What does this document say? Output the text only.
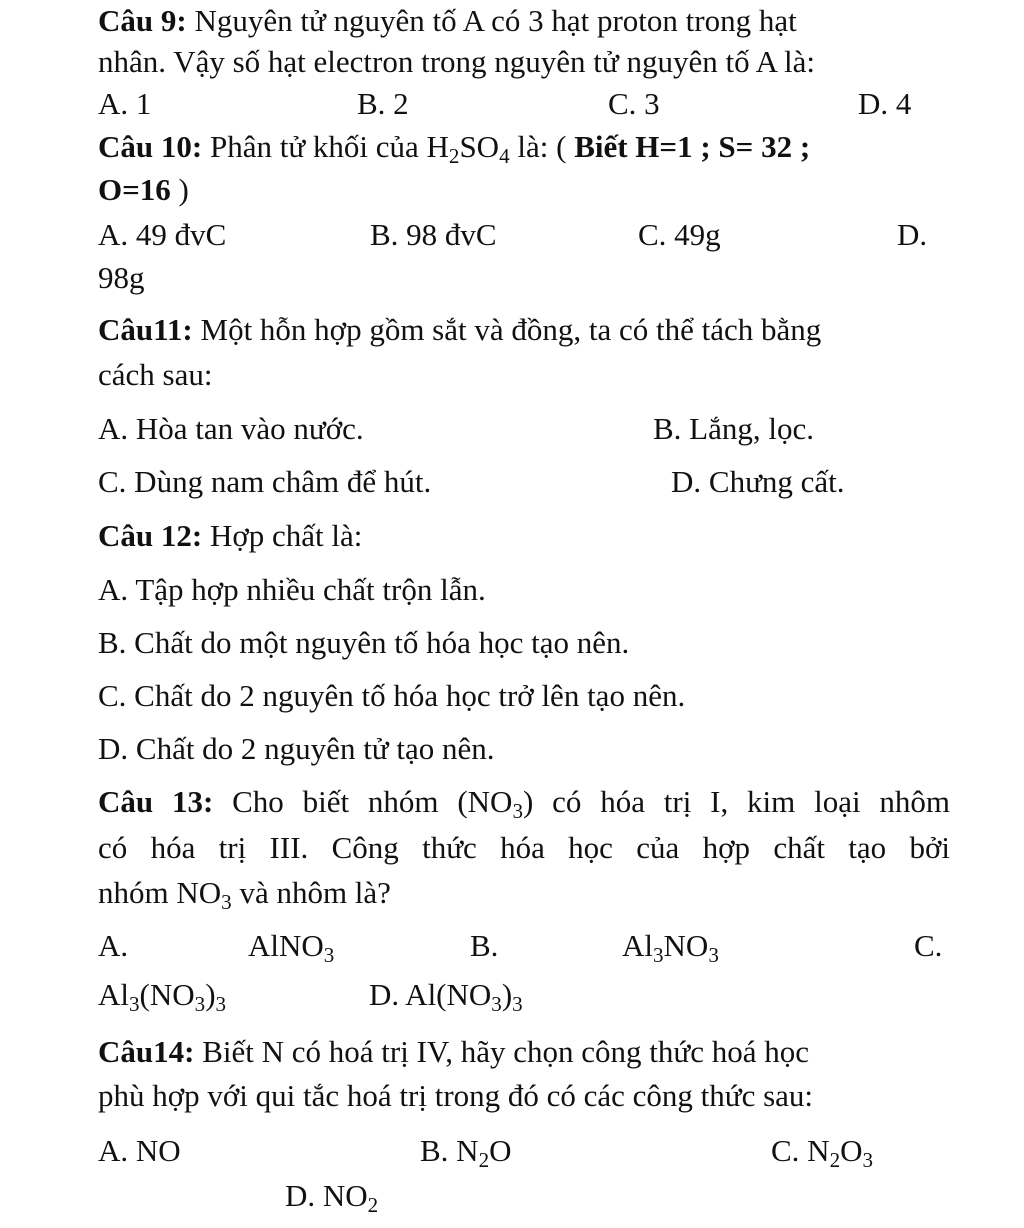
Câu 9: Nguyên tử nguyên tố A có 3 hạt proton trong hạt
nhân. Vậy số hạt electron trong nguyên tử nguyên tố A là:
A. 1	B. 2	C. 3	D. 4
Câu 10: Phân tử khối của $H_2SO_4$ là: ( Biết H=1 ; S= 32 ;
O=16 )
A. 49 đvC	B. 98 đvC	C. 49g	D.
98g
Câu11: Một hỗn hợp gồm sắt và đồng, ta có thể tách bằng
cách sau:
A. Hòa tan vào nước.	B. Lắng, lọc.
C. Dùng nam châm để hút.	D. Chưng cất.
Câu 12: Hợp chất là:
A. Tập hợp nhiều chất trộn lẫn.
B. Chất do một nguyên tố hóa học tạo nên.
C. Chất do 2 nguyên tố hóa học trở lên tạo nên.
D. Chất do 2 nguyên tử tạo nên.
Câu 13: Cho biết nhóm $(NO_3)$ có hóa trị I, kim loại nhôm
có hóa trị III. Công thức hóa học của hợp chất tạo bởi
nhóm $NO_3$ và nhôm là?
A.	AlNO$_3$	B.	$Al_3NO_3$	C.
$Al_3(NO_3)_3$	D. $Al(NO_3)_3$
Câu14: Biết N có hoá trị IV, hãy chọn công thức hoá học
phù hợp với qui tắc hoá trị trong đó có các công thức sau:
A. NO	B. $N_2O$	C. $N_2O_3$
D. $NO_2$
